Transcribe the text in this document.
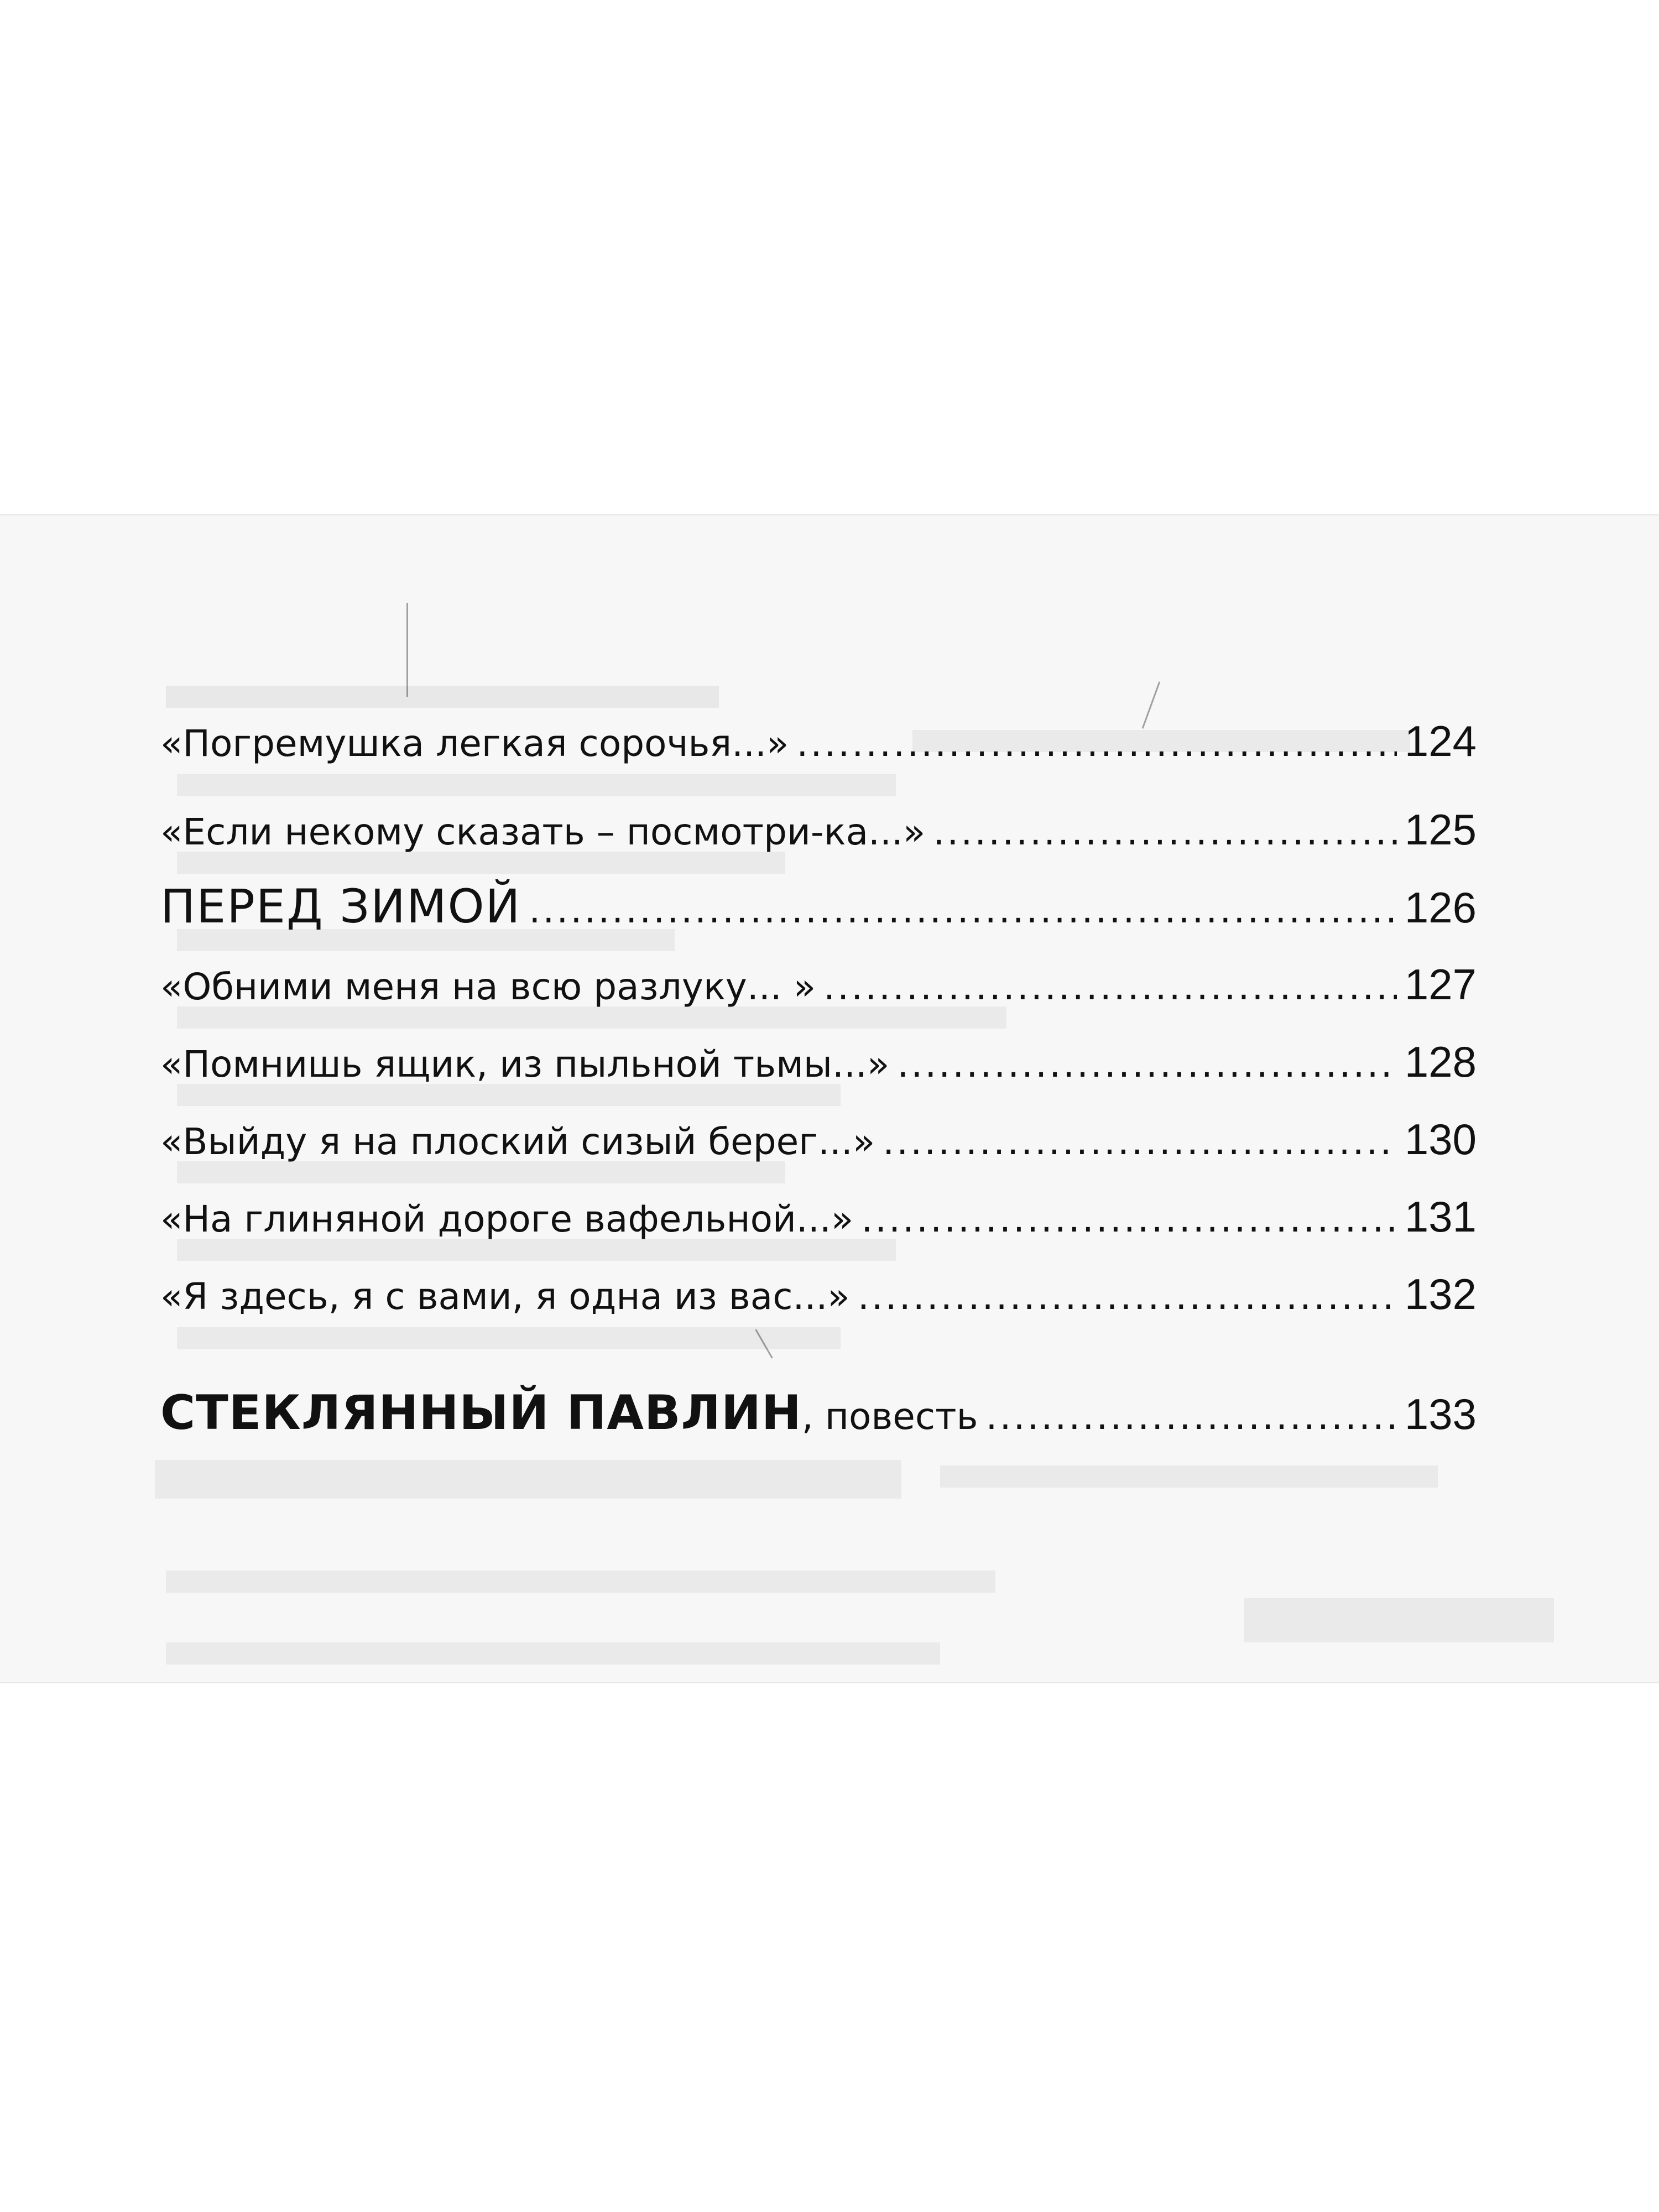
«Погремушка легкая сорочья...» .....	124
«Если некому сказать – посмотри-ка...» .....	125
ПЕРЕД ЗИМОЙ .....	126
«Обними меня на всю разлуку... » .....	127
«Помнишь ящик, из пыльной тьмы...» .....	128
«Выйду я на плоский сизый берег...» .....	130
«На глиняной дороге вафельной...» .....	131
«Я здесь, я с вами, я одна из вас...» .....	132
СТЕКЛЯННЫЙ ПАВЛИН, повесть .....	133
